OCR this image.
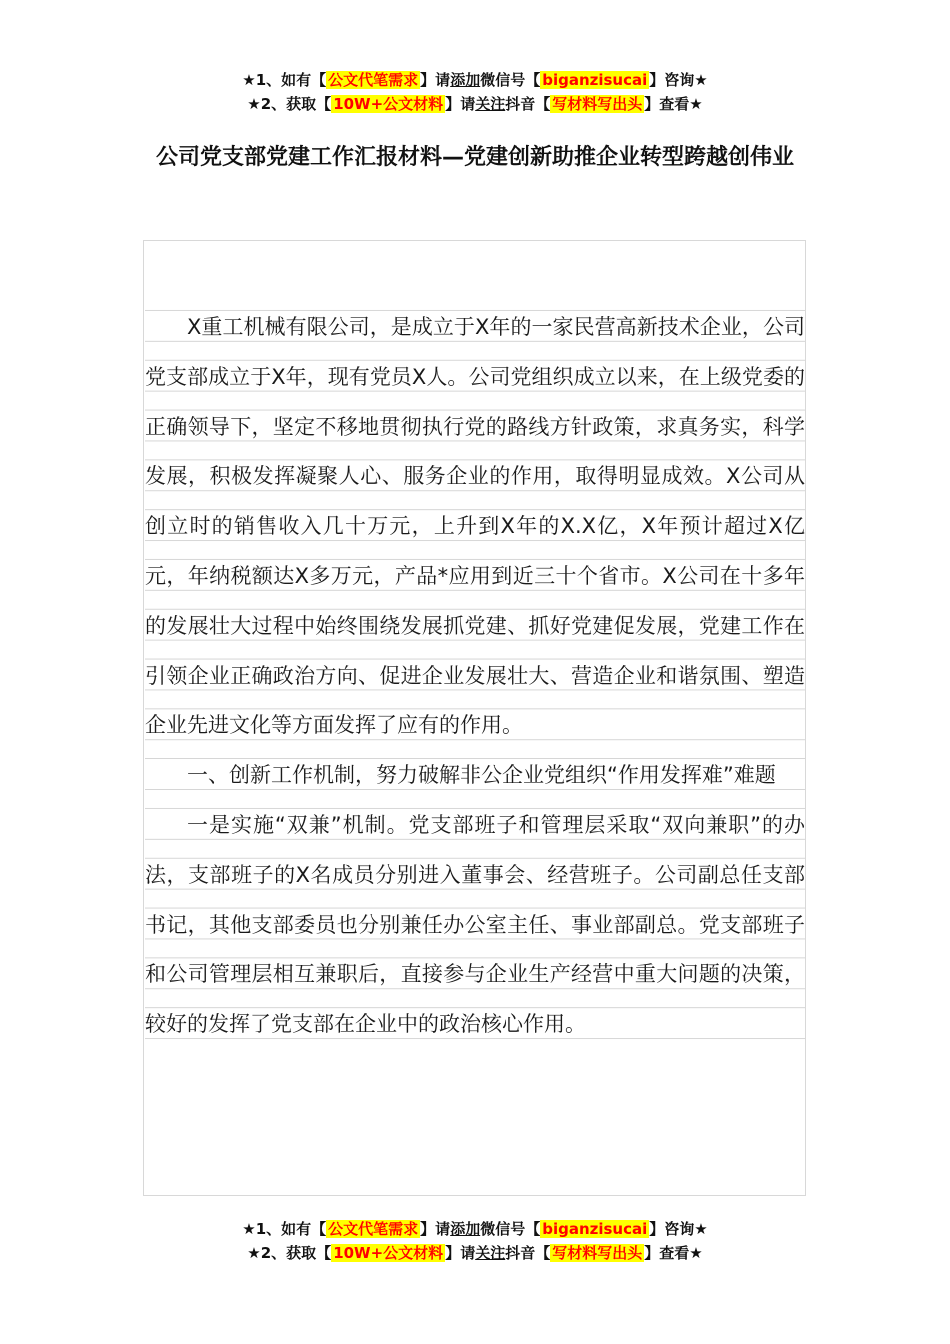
★1、如有【 公文代笔需求 】请添加微信号【 biganzisucai 】咨询★
★2、获取【 10W+公文材料 】请关注抖音【 写材料写出头 】查看★
公司党支部党建工作汇报材料—党建创新助推企业转型跨越创伟业

X重工机械有限公司，是成立于X年的一家民营高新技术企业，公司党支部成立于X年，现有党员X人。公司党组织成立以来，在上级党委的正确领导下，坚定不移地贯彻执行党的路线方针政策，求真务实，科学发展，积极发挥凝聚人心、服务企业的作用，取得明显成效。X公司从创立时的销售收入几十万元，上升到X年的X.X亿，X年预计超过X亿元，年纳税额达X多万元，产品*应用到近三十个省市。X公司在十多年的发展壮大过程中始终围绕发展抓党建、抓好党建促发展，党建工作在引领企业正确政治方向、促进企业发展壮大、营造企业和谐氛围、塑造企业先进文化等方面发挥了应有的作用。

一、创新工作机制，努力破解非公企业党组织“作用发挥难”难题

一是实施“双兼”机制。党支部班子和管理层采取“双向兼职”的办法，支部班子的X名成员分别进入董事会、经营班子。公司副总任支部书记，其他支部委员也分别兼任办公室主任、事业部副总。党支部班子和公司管理层相互兼职后，直接参与企业生产经营中重大问题的决策，较好的发挥了党支部在企业中的政治核心作用。

★1、如有【 公文代笔需求 】请添加微信号【 biganzisucai 】咨询★
★2、获取【 10W+公文材料 】请关注抖音【 写材料写出头 】查看★
